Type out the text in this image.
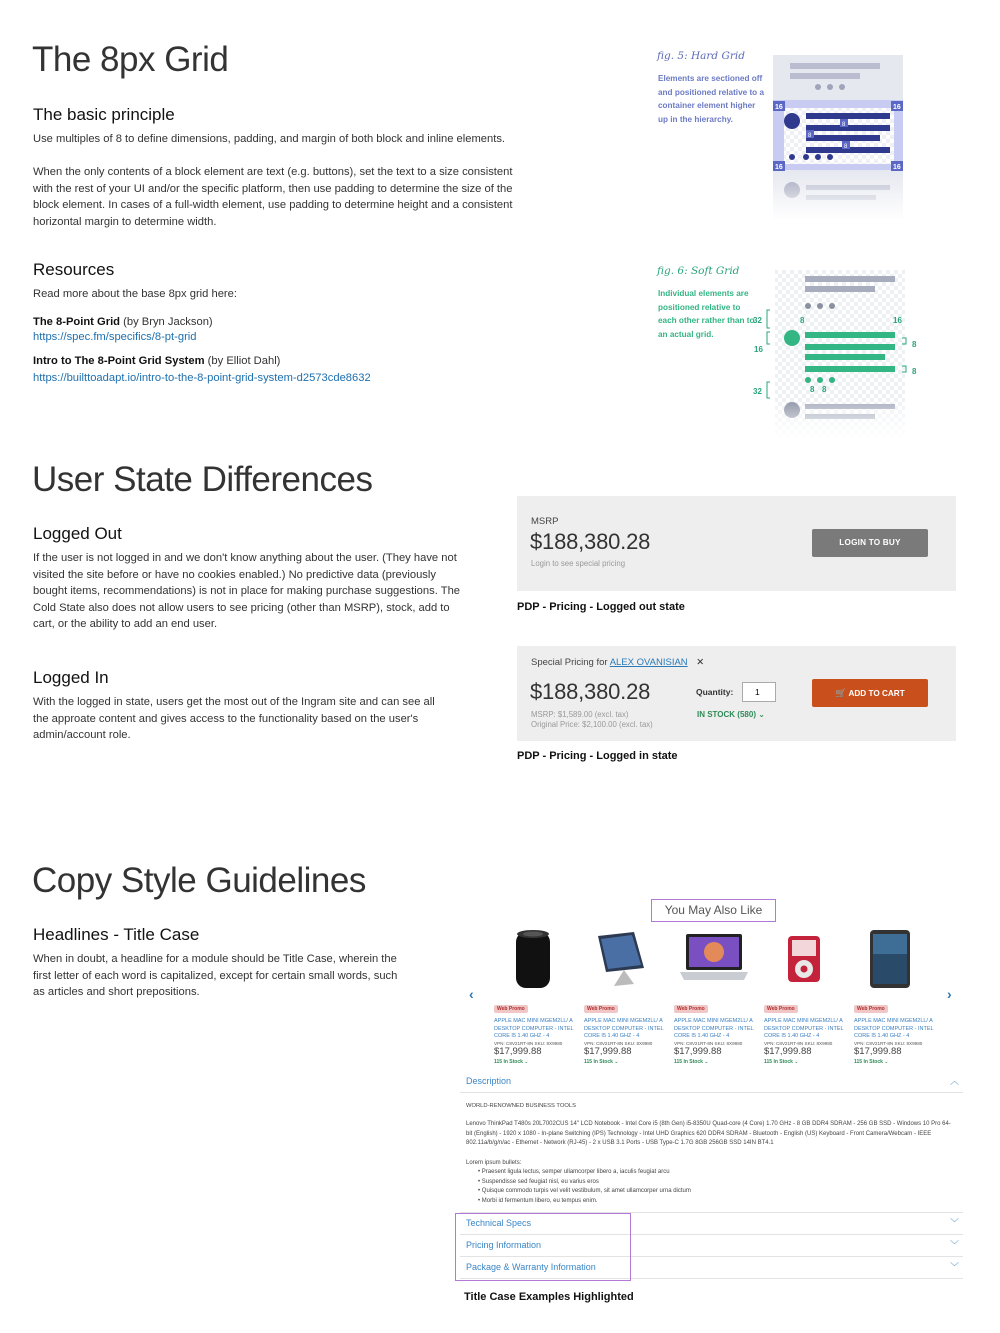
The 8px Grid
The basic principle
Use multiples of 8 to define dimensions, padding, and margin of both block and inline elements.
When the only contents of a block element are text (e.g. buttons), set the text to a size consistent with the rest of your UI and/or the specific platform, then use padding to determine the size of the block element. In cases of a full-width element, use padding to determine height and a consistent horizontal margin to determine width.
Resources
Read more about the base 8px grid here:
The 8-Point Grid (by Bryn Jackson)
https://spec.fm/specifics/8-pt-grid
Intro to The 8-Point Grid System (by Elliot Dahl)
https://builttoadapt.io/intro-to-the-8-point-grid-system-d2573cde8632
fig. 5: Hard Grid
Elements are sectioned off and positioned relative to a container element higher up in the hierarchy.
fig. 6: Soft Grid
Individual elements are positioned relative to each other rather than to an actual grid.
32
16
8
8
32
User State Differences
Logged Out
If the user is not logged in and we don't know anything about the user. (They have not visited the site before or have no cookies enabled.) No predictive data (previously bought items, recommendations) is not in place for making purchase suggestions. The Cold State also does not allow users to see pricing (other than MSRP), stock, add to cart, or the ability to add an end user.
Logged In
With the logged in state, users get the most out of the Ingram site and can see all the approate content and gives access to the functionality based on the user's admin/account role.
MSRP
$188,380.28
Login to see special pricing
LOGIN TO BUY
PDP - Pricing - Logged out state
Special Pricing for ALEX OVANISIAN ✕
$188,380.28
MSRP: $1,589.00 (excl. tax)
Original Price: $2,100.00 (excl. tax)
Quantity:
1
IN STOCK (580) ⌄
🛒 ADD TO CART
PDP - Pricing - Logged in state
Copy Style Guidelines
Headlines - Title Case
When in doubt, a headline for a module should be Title Case, wherein the first letter of each word is capitalized, except for certain small words, such as articles and short prepositions.
You May Also Like
‹	›
Web Promo
APPLE MAC MINI MGEM2LL/ A DESKTOP COMPUTER - INTEL CORE I5 1.40 GHZ - 4
VPN: C8V21RT-8N SKU: 8X9980
$17,999.88
115 In Stock ⌄
Web Promo
APPLE MAC MINI MGEM2LL/ A DESKTOP COMPUTER - INTEL CORE I5 1.40 GHZ - 4
VPN: C8V21RT-8N SKU: 8X9980
$17,999.88
115 In Stock ⌄
Web Promo
APPLE MAC MINI MGEM2LL/ A DESKTOP COMPUTER - INTEL CORE I5 1.40 GHZ - 4
VPN: C8V21RT-8N SKU: 8X9980
$17,999.88
115 In Stock ⌄
Web Promo
APPLE MAC MINI MGEM2LL/ A DESKTOP COMPUTER - INTEL CORE I5 1.40 GHZ - 4
VPN: C8V21RT-8N SKU: 8X9980
$17,999.88
115 In Stock ⌄
Web Promo
APPLE MAC MINI MGEM2LL/ A DESKTOP COMPUTER - INTEL CORE I5 1.40 GHZ - 4
VPN: C8V21RT-8N SKU: 8X9980
$17,999.88
115 In Stock ⌄
Description	︿
WORLD-RENOWNED BUSINESS TOOLS
Lenovo ThinkPad T480s 20L7002CUS 14" LCD Notebook - Intel Core i5 (8th Gen) i5-8350U Quad-core (4 Core) 1.70 GHz - 8 GB DDR4 SDRAM - 256 GB SSD - Windows 10 Pro 64-bit (English) - 1920 x 1080 - In-plane Switching (IPS) Technology - Intel UHD Graphics 620 DDR4 SDRAM - Bluetooth - English (US) Keyboard - Front Camera/Webcam - IEEE 802.11a/b/g/n/ac - Ethernet - Network (RJ-45) - 2 x USB 3.1 Ports - USB Type-C 1.7G 8GB 256GB SSD 14IN BT4.1
Lorem ipsum bullets:
• Praesent ligula lectus, semper ullamcorper libero a, iaculis feugiat arcu
• Suspendisse sed feugiat nisl, eu varius eros
• Quisque commodo turpis vel velit vestibulum, sit amet ullamcorper urna dictum
• Morbi id fermentum libero, eu tempus enim.
Technical Specs	﹀
Pricing Information	﹀
Package & Warranty Information	﹀
Title Case Examples Highlighted
